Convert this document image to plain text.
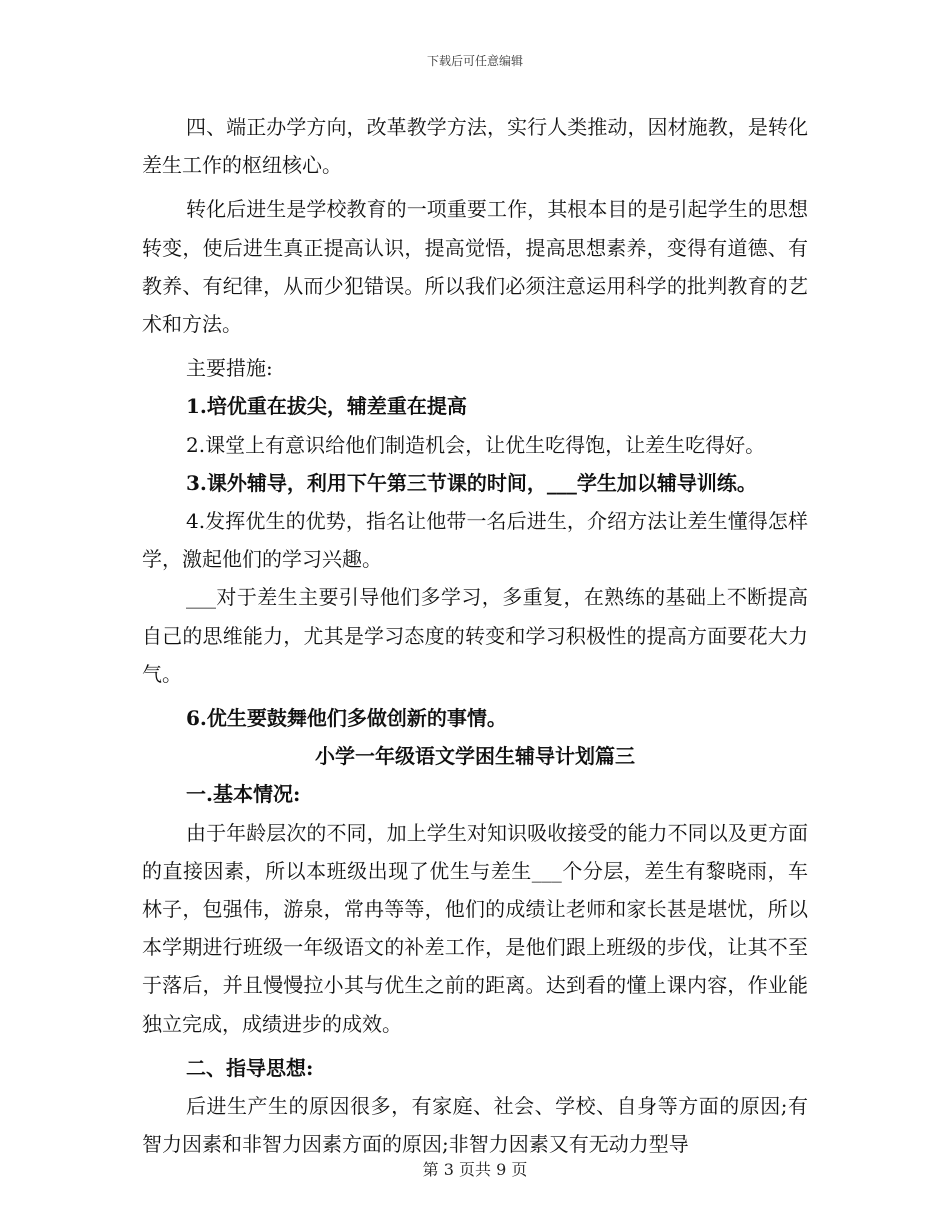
下载后可任意编辑

四、端正办学方向，改革教学方法，实行人类推动，因材施教，是转化差生工作的枢纽核心。

转化后进生是学校教育的一项重要工作，其根本目的是引起学生的思想转变，使后进生真正提高认识，提高觉悟，提高思想素养，变得有道德、有教养、有纪律，从而少犯错误。所以我们必须注意运用科学的批判教育的艺术和方法。

主要措施:

1.培优重在拔尖，辅差重在提高

2.课堂上有意识给他们制造机会，让优生吃得饱，让差生吃得好。

3.课外辅导，利用下午第三节课的时间，___学生加以辅导训练。

4.发挥优生的优势，指名让他带一名后进生，介绍方法让差生懂得怎样学，激起他们的学习兴趣。

___对于差生主要引导他们多学习，多重复，在熟练的基础上不断提高自己的思维能力，尤其是学习态度的转变和学习积极性的提高方面要花大力气。

6.优生要鼓舞他们多做创新的事情。

小学一年级语文学困生辅导计划篇三

一.基本情况:

由于年龄层次的不同，加上学生对知识吸收接受的能力不同以及更方面的直接因素，所以本班级出现了优生与差生___个分层，差生有黎晓雨，车林子，包强伟，游泉，常冉等等，他们的成绩让老师和家长甚是堪忧，所以本学期进行班级一年级语文的补差工作，是他们跟上班级的步伐，让其不至于落后，并且慢慢拉小其与优生之前的距离。达到看的懂上课内容，作业能独立完成，成绩进步的成效。

二、指导思想:

后进生产生的原因很多，有家庭、社会、学校、自身等方面的原因;有智力因素和非智力因素方面的原因;非智力因素又有无动力型导

第 3 页共 9 页
